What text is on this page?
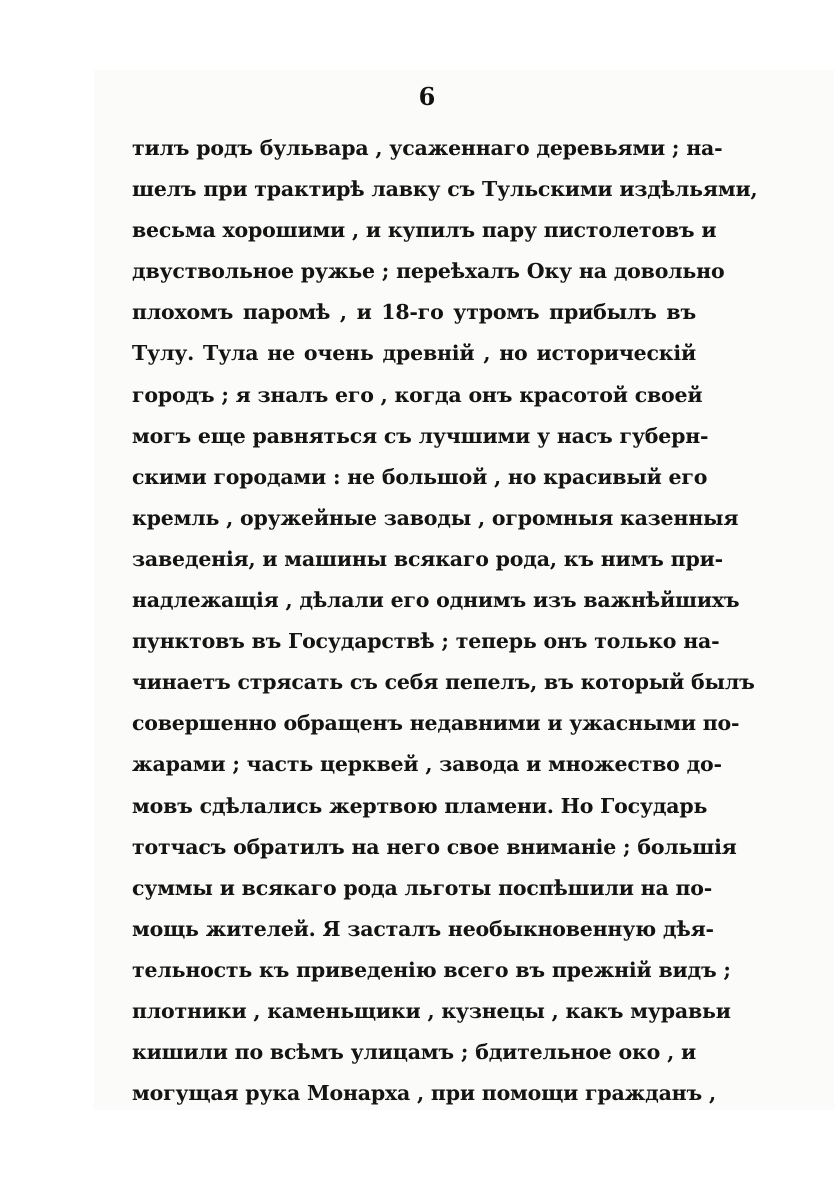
6
тилъ родъ бульвара , усаженнаго деревьями ; на-
шелъ при трактирѣ лавку съ Тульскими издѣльями,
весьма хорошими , и купилъ пару пистолетовъ и
двуствольное ружье ; переѣхалъ Оку на довольно
плохомъ паромѣ , и 18-го утромъ прибылъ въ
Тулу. Тула не очень древній , но историческій
городъ ; я зналъ его , когда онъ красотой своей
могъ еще равняться съ лучшими у насъ губерн-
скими городами : не большой , но красивый его
кремль , оружейные заводы , огромныя казенныя
заведенія, и машины всякаго рода, къ нимъ при-
надлежащія , дѣлали его однимъ изъ важнѣйшихъ
пунктовъ въ Государствѣ ; теперь онъ только на-
чинаетъ стрясать съ себя пепелъ, въ который былъ
совершенно обращенъ недавними и ужасными по-
жарами ; часть церквей , завода и множество до-
мовъ сдѣлались жертвою пламени. Но Государь
тотчасъ обратилъ на него свое вниманіе ; большія
суммы и всякаго рода льготы поспѣшили на по-
мощь жителей. Я засталъ необыкновенную дѣя-
тельность къ приведенію всего въ прежній видъ ;
плотники , каменьщики , кузнецы , какъ муравьи
кишили по всѣмъ улицамъ ; бдительное око , и
могущая рука Монарха , при помощи гражданъ ,
